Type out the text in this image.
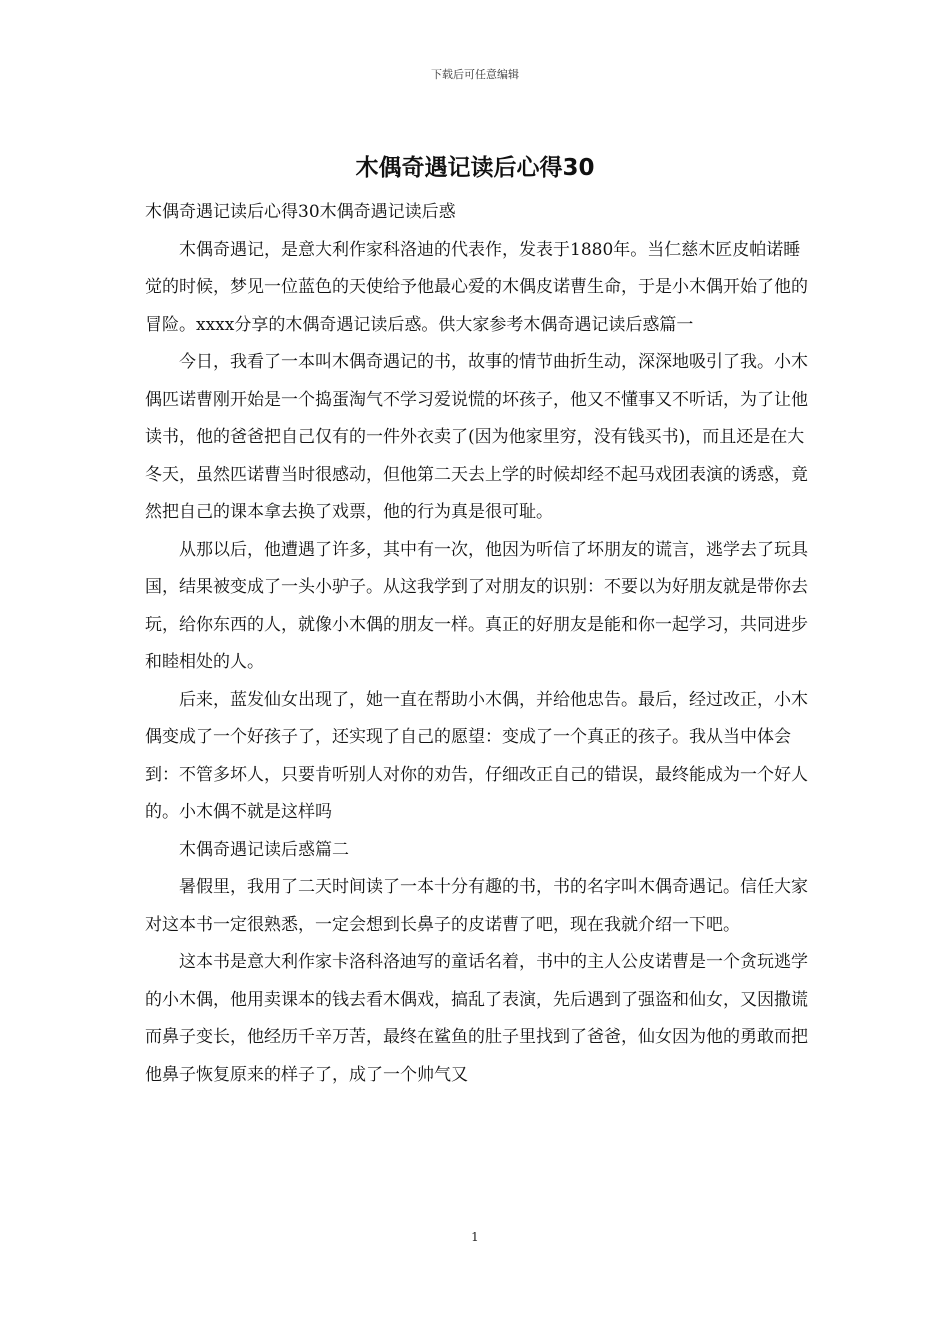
下载后可任意编辑
木偶奇遇记读后心得30

木偶奇遇记读后心得30木偶奇遇记读后惑

木偶奇遇记，是意大利作家科洛迪的代表作，发表于1880年。当仁慈木匠皮帕诺睡觉的时候，梦见一位蓝色的天使给予他最心爱的木偶皮诺曹生命，于是小木偶开始了他的冒险。xxxx分享的木偶奇遇记读后惑。供大家参考木偶奇遇记读后惑篇一

今日，我看了一本叫木偶奇遇记的书，故事的情节曲折生动，深深地吸引了我。小木偶匹诺曹刚开始是一个捣蛋淘气不学习爱说慌的坏孩子，他又不懂事又不听话，为了让他读书，他的爸爸把自己仅有的一件外衣卖了(因为他家里穷，没有钱买书)，而且还是在大冬天，虽然匹诺曹当时很感动，但他第二天去上学的时候却经不起马戏团表演的诱惑，竟然把自己的课本拿去换了戏票，他的行为真是很可耻。

从那以后，他遭遇了许多，其中有一次，他因为听信了坏朋友的谎言，逃学去了玩具国，结果被变成了一头小驴子。从这我学到了对朋友的识别：不要以为好朋友就是带你去玩，给你东西的人，就像小木偶的朋友一样。真正的好朋友是能和你一起学习，共同进步和睦相处的人。

后来，蓝发仙女出现了，她一直在帮助小木偶，并给他忠告。最后，经过改正，小木偶变成了一个好孩子了，还实现了自己的愿望：变成了一个真正的孩子。我从当中体会到：不管多坏人，只要肯听别人对你的劝告，仔细改正自己的错误，最终能成为一个好人的。小木偶不就是这样吗

木偶奇遇记读后惑篇二

暑假里，我用了二天时间读了一本十分有趣的书，书的名字叫木偶奇遇记。信任大家对这本书一定很熟悉，一定会想到长鼻子的皮诺曹了吧，现在我就介绍一下吧。

这本书是意大利作家卡洛科洛迪写的童话名着，书中的主人公皮诺曹是一个贪玩逃学的小木偶，他用卖课本的钱去看木偶戏，搞乱了表演，先后遇到了强盗和仙女，又因撒谎而鼻子变长，他经历千辛万苦，最终在鲨鱼的肚子里找到了爸爸，仙女因为他的勇敢而把他鼻子恢复原来的样子了，成了一个帅气又

1
